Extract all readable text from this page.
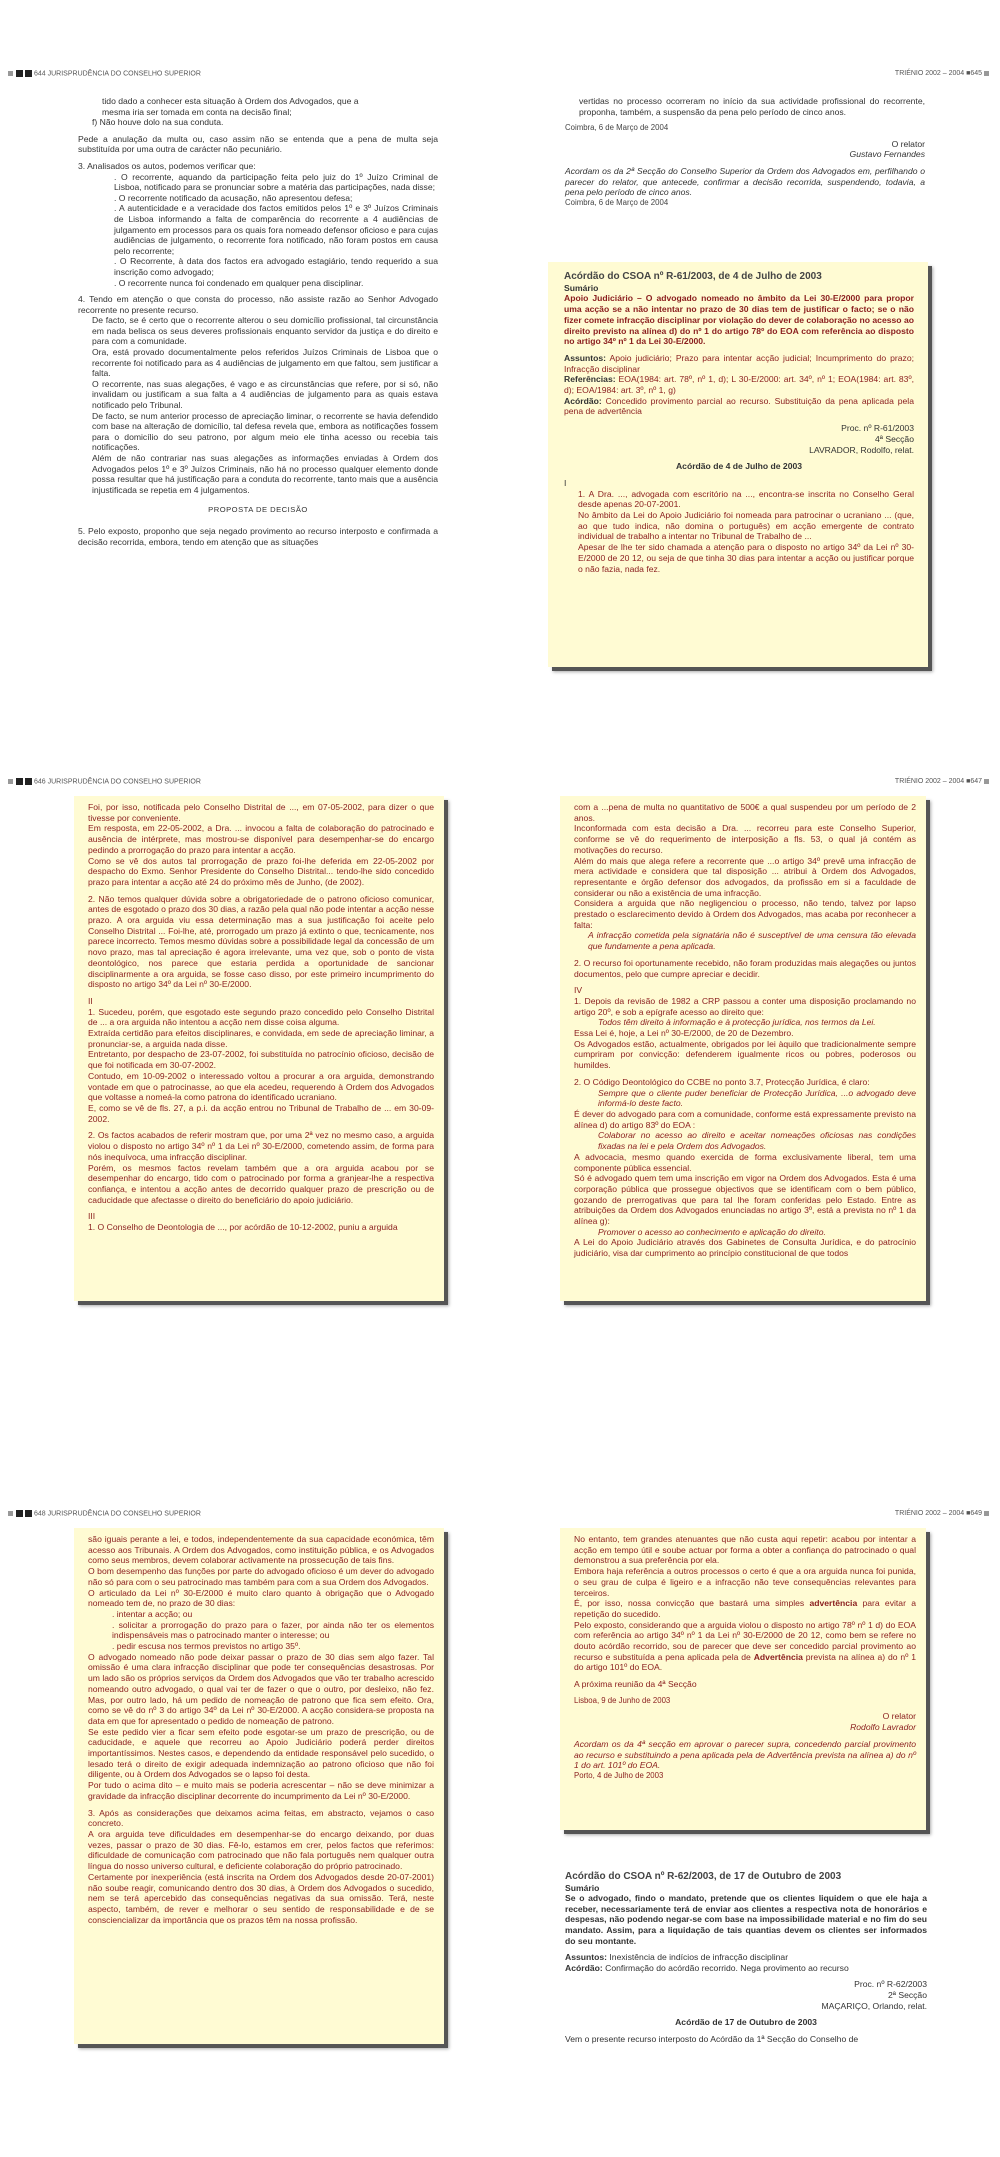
644 JURISPRUDÊNCIA DO CONSELHO SUPERIOR	TRIÉNIO 2002 – 2004 ■645

tido dado a conhecer esta situação à Ordem dos Advogados, que a

mesma iria ser tomada em conta na decisão final;

f) Não houve dolo na sua conduta.

Pede a anulação da multa ou, caso assim não se entenda que a pena de multa seja substituída por uma outra de carácter não pecuniário.

3. Analisados os autos, podemos verificar que:

. O recorrente, aquando da participação feita pelo juiz do 1º Juízo Criminal de Lisboa, notificado para se pronunciar sobre a matéria das participações, nada disse;

. O recorrente notificado da acusação, não apresentou defesa;

. A autenticidade e a veracidade dos factos emitidos pelos 1º e 3º Juízos Criminais de Lisboa informando a falta de comparência do recorrente a 4 audiências de julgamento em processos para os quais fora nomeado defensor oficioso e para cujas audiências de julgamento, o recorrente fora notificado, não foram postos em causa pelo recorrente;

. O Recorrente, à data dos factos era advogado estagiário, tendo requerido a sua inscrição como advogado;

. O recorrente nunca foi condenado em qualquer pena disciplinar.

4. Tendo em atenção o que consta do processo, não assiste razão ao Senhor Advogado recorrente no presente recurso.

De facto, se é certo que o recorrente alterou o seu domicílio profissional, tal circunstância em nada belisca os seus deveres profissionais enquanto servidor da justiça e do direito e para com a comunidade.

Ora, está provado documentalmente pelos referidos Juízos Criminais de Lisboa que o recorrente foi notificado para as 4 audiências de julgamento em que faltou, sem justificar a falta.

O recorrente, nas suas alegações, é vago e as circunstâncias que refere, por si só, não invalidam ou justificam a sua falta a 4 audiências de julgamento para as quais estava notificado pelo Tribunal.

De facto, se num anterior processo de apreciação liminar, o recorrente se havia defendido com base na alteração de domicílio, tal defesa revela que, embora as notificações fossem para o domicílio do seu patrono, por algum meio ele tinha acesso ou recebia tais notificações.

Além de não contrariar nas suas alegações as informações enviadas à Ordem dos Advogados pelos 1º e 3º Juízos Criminais, não há no processo qualquer elemento donde possa resultar que há justificação para a conduta do recorrente, tanto mais que a ausência injustificada se repetia em 4 julgamentos.

PROPOSTA DE DECISÃO

5. Pelo exposto, proponho que seja negado provimento ao recurso interposto e confirmada a decisão recorrida, embora, tendo em atenção que as situações

vertidas no processo ocorreram no início da sua actividade profissional do recorrente, proponha, também, a suspensão da pena pelo período de cinco anos.

Coimbra, 6 de Março de 2004

O relator

Gustavo Fernandes

Acordam os da 2ª Secção do Conselho Superior da Ordem dos Advogados em, perfilhando o parecer do relator, que antecede, confirmar a decisão recorrida, suspendendo, todavia, a pena pelo período de cinco anos.

Coimbra, 6 de Março de 2004

Acórdão do CSOA nº R-61/2003, de 4 de Julho de 2003

Sumário

Apoio Judiciário – O advogado nomeado no âmbito da Lei 30-E/2000 para propor uma acção se a não intentar no prazo de 30 dias tem de justificar o facto; se o não fizer comete infracção disciplinar por violação do dever de colaboração no acesso ao direito previsto na alínea d) do nº 1 do artigo 78º do EOA com referência ao disposto no artigo 34º nº 1 da Lei 30-E/2000.

Assuntos: Apoio judiciário; Prazo para intentar acção judicial; Incumprimento do prazo; Infracção disciplinar

Referências: EOA(1984: art. 78º, nº 1, d); L 30-E/2000: art. 34º, nº 1; EOA(1984: art. 83º, d); EOA/1984: art. 3º, nº 1, g)

Acórdão: Concedido provimento parcial ao recurso. Substituição da pena aplicada pela pena de advertência

Proc. nº R-61/2003

4ª Secção

LAVRADOR, Rodolfo, relat.

Acórdão de 4 de Julho de 2003

I

1. A Dra. ..., advogada com escritório na ..., encontra-se inscrita no Conselho Geral desde apenas 20-07-2001.

No âmbito da Lei do Apoio Judiciário foi nomeada para patrocinar o ucraniano ... (que, ao que tudo indica, não domina o português) em acção emergente de contrato individual de trabalho a intentar no Tribunal de Trabalho de ...

Apesar de lhe ter sido chamada a atenção para o disposto no artigo 34º da Lei nº 30-E/2000 de 20 12, ou seja de que tinha 30 dias para intentar a acção ou justificar porque o não fazia, nada fez.

646 JURISPRUDÊNCIA DO CONSELHO SUPERIOR	TRIÉNIO 2002 – 2004 ■647

Foi, por isso, notificada pelo Conselho Distrital de ..., em 07-05-2002, para dizer o que tivesse por conveniente.

Em resposta, em 22-05-2002, a Dra. ... invocou a falta de colaboração do patrocinado e ausência de intérprete, mas mostrou-se disponível para desempenhar-se do encargo pedindo a prorrogação do prazo para intentar a acção.

Como se vê dos autos tal prorrogação de prazo foi-lhe deferida em 22-05-2002 por despacho do Exmo. Senhor Presidente do Conselho Distrital... tendo-lhe sido concedido prazo para intentar a acção até 24 do próximo mês de Junho, (de 2002).

2. Não temos qualquer dúvida sobre a obrigatoriedade de o patrono oficioso comunicar, antes de esgotado o prazo dos 30 dias, a razão pela qual não pode intentar a acção nesse prazo. A ora arguida viu essa determinação mas a sua justificação foi aceite pelo Conselho Distrital ... Foi-lhe, até, prorrogado um prazo já extinto o que, tecnicamente, nos parece incorrecto. Temos mesmo dúvidas sobre a possibilidade legal da concessão de um novo prazo, mas tal apreciação é agora irrelevante, uma vez que, sob o ponto de vista deontológico, nos parece que estaria perdida a oportunidade de sancionar disciplinarmente a ora arguida, se fosse caso disso, por este primeiro incumprimento do disposto no artigo 34º da Lei nº 30-E/2000.

II

1. Sucedeu, porém, que esgotado este segundo prazo concedido pelo Conselho Distrital de ... a ora arguida não intentou a acção nem disse coisa alguma.

Extraída certidão para efeitos disciplinares, e convidada, em sede de apreciação liminar, a pronunciar-se, a arguida nada disse.

Entretanto, por despacho de 23-07-2002, foi substituída no patrocínio oficioso, decisão de que foi notificada em 30-07-2002.

Contudo, em 10-09-2002 o interessado voltou a procurar a ora arguida, demonstrando vontade em que o patrocinasse, ao que ela acedeu, requerendo à Ordem dos Advogados que voltasse a nomeá-la como patrona do identificado ucraniano.

E, como se vê de fls. 27, a p.i. da acção entrou no Tribunal de Trabalho de ... em 30-09-2002.

2. Os factos acabados de referir mostram que, por uma 2ª vez no mesmo caso, a arguida violou o disposto no artigo 34º nº 1 da Lei nº 30-E/2000, cometendo assim, de forma para nós inequívoca, uma infracção disciplinar.

Porém, os mesmos factos revelam também que a ora arguida acabou por se desempenhar do encargo, tido com o patrocinado por forma a granjear-lhe a respectiva confiança, e intentou a acção antes de decorrido qualquer prazo de prescrição ou de caducidade que afectasse o direito do beneficiário do apoio judiciário.

III

1. O Conselho de Deontologia de ..., por acórdão de 10-12-2002, puniu a arguida

com a ...pena de multa no quantitativo de 500€ a qual suspendeu por um período de 2 anos.

Inconformada com esta decisão a Dra. ... recorreu para este Conselho Superior, conforme se vê do requerimento de interposição a fls. 53, o qual já contém as motivações do recurso.

Além do mais que alega refere a recorrente que ...o artigo 34º prevê uma infracção de mera actividade e considera que tal disposição ... atribui à Ordem dos Advogados, representante e órgão defensor dos advogados, da profissão em si a faculdade de considerar ou não a existência de uma infracção.

Considera a arguida que não negligenciou o processo, não tendo, talvez por lapso prestado o esclarecimento devido à Ordem dos Advogados, mas acaba por reconhecer a falta:

A infracção cometida pela signatária não é susceptível de uma censura tão elevada que fundamente a pena aplicada.

2. O recurso foi oportunamente recebido, não foram produzidas mais alegações ou juntos documentos, pelo que cumpre apreciar e decidir.

IV

1. Depois da revisão de 1982 a CRP passou a conter uma disposição proclamando no artigo 20º, e sob a epígrafe acesso ao direito que:

Todos têm direito à informação e à protecção jurídica, nos termos da Lei.

Essa Lei é, hoje, a Lei nº 30-E/2000, de 20 de Dezembro.

Os Advogados estão, actualmente, obrigados por lei àquilo que tradicionalmente sempre cumpriram por convicção: defenderem igualmente ricos ou pobres, poderosos ou humildes.

2. O Código Deontológico do CCBE no ponto 3.7, Protecção Jurídica, é claro:

Sempre que o cliente puder beneficiar de Protecção Jurídica, ...o advogado deve informá-lo deste facto.

É dever do advogado para com a comunidade, conforme está expressamente previsto na alínea d) do artigo 83º do EOA :

Colaborar no acesso ao direito e aceitar nomeações oficiosas nas condições fixadas na lei e pela Ordem dos Advogados.

A advocacia, mesmo quando exercida de forma exclusivamente liberal, tem uma componente pública essencial.

Só é advogado quem tem uma inscrição em vigor na Ordem dos Advogados. Esta é uma corporação pública que prossegue objectivos que se identificam com o bem público, gozando de prerrogativas que para tal lhe foram conferidas pelo Estado. Entre as atribuições da Ordem dos Advogados enunciadas no artigo 3º, está a prevista no nº 1 da alínea g):

Promover o acesso ao conhecimento e aplicação do direito.

A Lei do Apoio Judiciário através dos Gabinetes de Consulta Jurídica, e do patrocínio judiciário, visa dar cumprimento ao princípio constitucional de que todos

648 JURISPRUDÊNCIA DO CONSELHO SUPERIOR	TRIÉNIO 2002 – 2004 ■649

são iguais perante a lei, e todos, independentemente da sua capacidade económica, têm acesso aos Tribunais. A Ordem dos Advogados, como instituição pública, e os Advogados como seus membros, devem colaborar activamente na prossecução de tais fins.

O bom desempenho das funções por parte do advogado oficioso é um dever do advogado não só para com o seu patrocinado mas também para com a sua Ordem dos Advogados.

O articulado da Lei nº 30-E/2000 é muito claro quanto à obrigação que o Advogado nomeado tem de, no prazo de 30 dias:

. intentar a acção; ou

. solicitar a prorrogação do prazo para o fazer, por ainda não ter os elementos indispensáveis mas o patrocinado manter o interesse; ou

. pedir escusa nos termos previstos no artigo 35º.

O advogado nomeado não pode deixar passar o prazo de 30 dias sem algo fazer. Tal omissão é uma clara infracção disciplinar que pode ter consequências desastrosas. Por um lado são os próprios serviços da Ordem dos Advogados que vão ter trabalho acrescido nomeando outro advogado, o qual vai ter de fazer o que o outro, por desleixo, não fez. Mas, por outro lado, há um pedido de nomeação de patrono que fica sem efeito. Ora, como se vê do nº 3 do artigo 34º da Lei nº 30-E/2000. A acção considera-se proposta na data em que for apresentado o pedido de nomeação de patrono.

Se este pedido vier a ficar sem efeito pode esgotar-se um prazo de prescrição, ou de caducidade, e aquele que recorreu ao Apoio Judiciário poderá perder direitos importantíssimos. Nestes casos, e dependendo da entidade responsável pelo sucedido, o lesado terá o direito de exigir adequada indemnização ao patrono oficioso que não foi diligente, ou à Ordem dos Advogados se o lapso foi desta.

Por tudo o acima dito – e muito mais se poderia acrescentar – não se deve minimizar a gravidade da infracção disciplinar decorrente do incumprimento da Lei nº 30-E/2000.

3. Após as considerações que deixamos acima feitas, em abstracto, vejamos o caso concreto.

A ora arguida teve dificuldades em desempenhar-se do encargo deixando, por duas vezes, passar o prazo de 30 dias. Fê-lo, estamos em crer, pelos factos que referimos: dificuldade de comunicação com patrocinado que não fala português nem qualquer outra língua do nosso universo cultural, e deficiente colaboração do próprio patrocinado.

Certamente por inexperiência (está inscrita na Ordem dos Advogados desde 20-07-2001) não soube reagir, comunicando dentro dos 30 dias, à Ordem dos Advogados o sucedido, nem se terá apercebido das consequências negativas da sua omissão. Terá, neste aspecto, também, de rever e melhorar o seu sentido de responsabilidade e de se consciencializar da importância que os prazos têm na nossa profissão.

No entanto, tem grandes atenuantes que não custa aqui repetir: acabou por intentar a acção em tempo útil e soube actuar por forma a obter a confiança do patrocinado o qual demonstrou a sua preferência por ela.

Embora haja referência a outros processos o certo é que a ora arguida nunca foi punida, o seu grau de culpa é ligeiro e a infracção não teve consequências relevantes para terceiros.

É, por isso, nossa convicção que bastará uma simples advertência para evitar a repetição do sucedido.

Pelo exposto, considerando que a arguida violou o disposto no artigo 78º nº 1 d) do EOA com referência ao artigo 34º nº 1 da Lei nº 30-E/2000 de 20 12, como bem se refere no douto acórdão recorrido, sou de parecer que deve ser concedido parcial provimento ao recurso e substituída a pena aplicada pela de Advertência prevista na alínea a) do nº 1 do artigo 101º do EOA.

A próxima reunião da 4ª Secção

Lisboa, 9 de Junho de 2003

O relator

Rodolfo Lavrador

Acordam os da 4ª secção em aprovar o parecer supra, concedendo parcial provimento ao recurso e substituindo a pena aplicada pela de Advertência prevista na alínea a) do nº 1 do art. 101º do EOA.

Porto, 4 de Julho de 2003

Acórdão do CSOA nº R-62/2003, de 17 de Outubro de 2003

Sumário

Se o advogado, findo o mandato, pretende que os clientes liquidem o que ele haja a receber, necessariamente terá de enviar aos clientes a respectiva nota de honorários e despesas, não podendo negar-se com base na impossibilidade material e no fim do seu mandato. Assim, para a liquidação de tais quantias devem os clientes ser informados do seu montante.

Assuntos: Inexistência de indícios de infracção disciplinar

Acórdão: Confirmação do acórdão recorrido. Nega provimento ao recurso

Proc. nº R-62/2003

2ª Secção

MAÇARIÇO, Orlando, relat.

Acórdão de 17 de Outubro de 2003

Vem o presente recurso interposto do Acórdão da 1ª Secção do Conselho de
